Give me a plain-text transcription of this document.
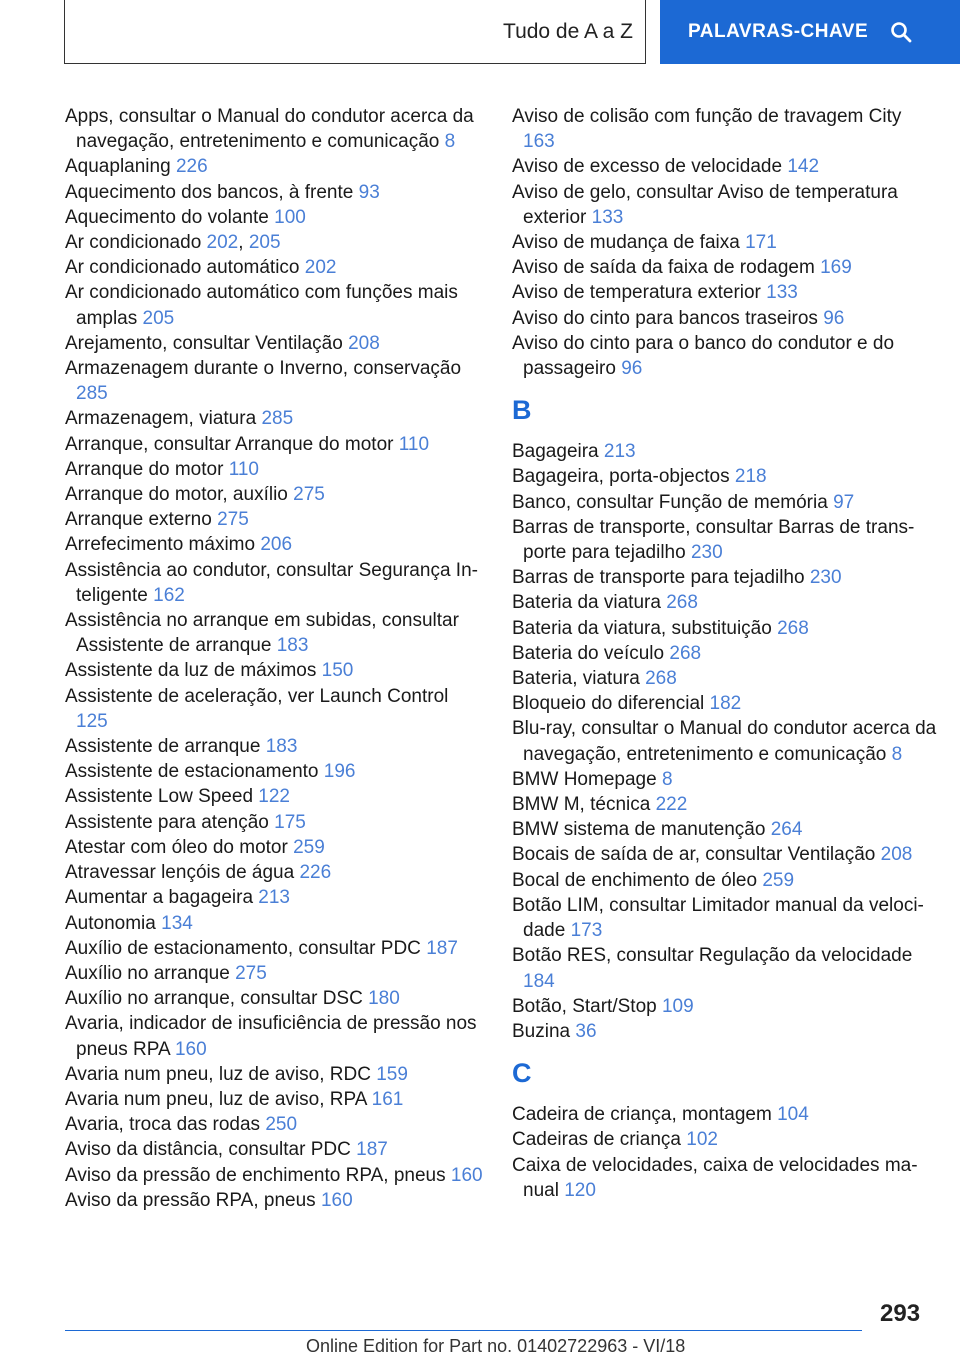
Tudo de A a Z	PALAVRAS-CHAVE

Apps, consultar o Manual do condutor acerca da navegação, entretenimento e comunicação 8

Aquaplaning 226

Aquecimento dos bancos, à frente 93

Aquecimento do volante 100

Ar condicionado 202, 205

Ar condicionado automático 202

Ar condicionado automático com funções mais amplas 205

Arejamento, consultar Ventilação 208

Armazenagem durante o Inverno, conservação 285

Armazenagem, viatura 285

Arranque, consultar Arranque do motor 110

Arranque do motor 110

Arranque do motor, auxílio 275

Arranque externo 275

Arrefecimento máximo 206

Assistência ao condutor, consultar Segurança Inteligente 162

Assistência no arranque em subidas, consultar Assistente de arranque 183

Assistente da luz de máximos 150

Assistente de aceleração, ver Launch Control 125

Assistente de arranque 183

Assistente de estacionamento 196

Assistente Low Speed 122

Assistente para atenção 175

Atestar com óleo do motor 259

Atravessar lençóis de água 226

Aumentar a bagageira 213

Autonomia 134

Auxílio de estacionamento, consultar PDC 187

Auxílio no arranque 275

Auxílio no arranque, consultar DSC 180

Avaria, indicador de insuficiência de pressão nos pneus RPA 160

Avaria num pneu, luz de aviso, RDC 159

Avaria num pneu, luz de aviso, RPA 161

Avaria, troca das rodas 250

Aviso da distância, consultar PDC 187

Aviso da pressão de enchimento RPA, pneus 160

Aviso da pressão RPA, pneus 160

Aviso de colisão com função de travagem City 163

Aviso de excesso de velocidade 142

Aviso de gelo, consultar Aviso de temperatura exterior 133

Aviso de mudança de faixa 171

Aviso de saída da faixa de rodagem 169

Aviso de temperatura exterior 133

Aviso do cinto para bancos traseiros 96

Aviso do cinto para o banco do condutor e do passageiro 96

B

Bagageira 213

Bagageira, porta-objectos 218

Banco, consultar Função de memória 97

Barras de transporte, consultar Barras de transporte para tejadilho 230

Barras de transporte para tejadilho 230

Bateria da viatura 268

Bateria da viatura, substituição 268

Bateria do veículo 268

Bateria, viatura 268

Bloqueio do diferencial 182

Blu-ray, consultar o Manual do condutor acerca da navegação, entretenimento e comunicação 8

BMW Homepage 8

BMW M, técnica 222

BMW sistema de manutenção 264

Bocais de saída de ar, consultar Ventilação 208

Bocal de enchimento de óleo 259

Botão LIM, consultar Limitador manual da velocidade 173

Botão RES, consultar Regulação da velocidade 184

Botão, Start/Stop 109

Buzina 36

C

Cadeira de criança, montagem 104

Cadeiras de criança 102

Caixa de velocidades, caixa de velocidades manual 120

293
Online Edition for Part no. 01402722963 - VI/18
